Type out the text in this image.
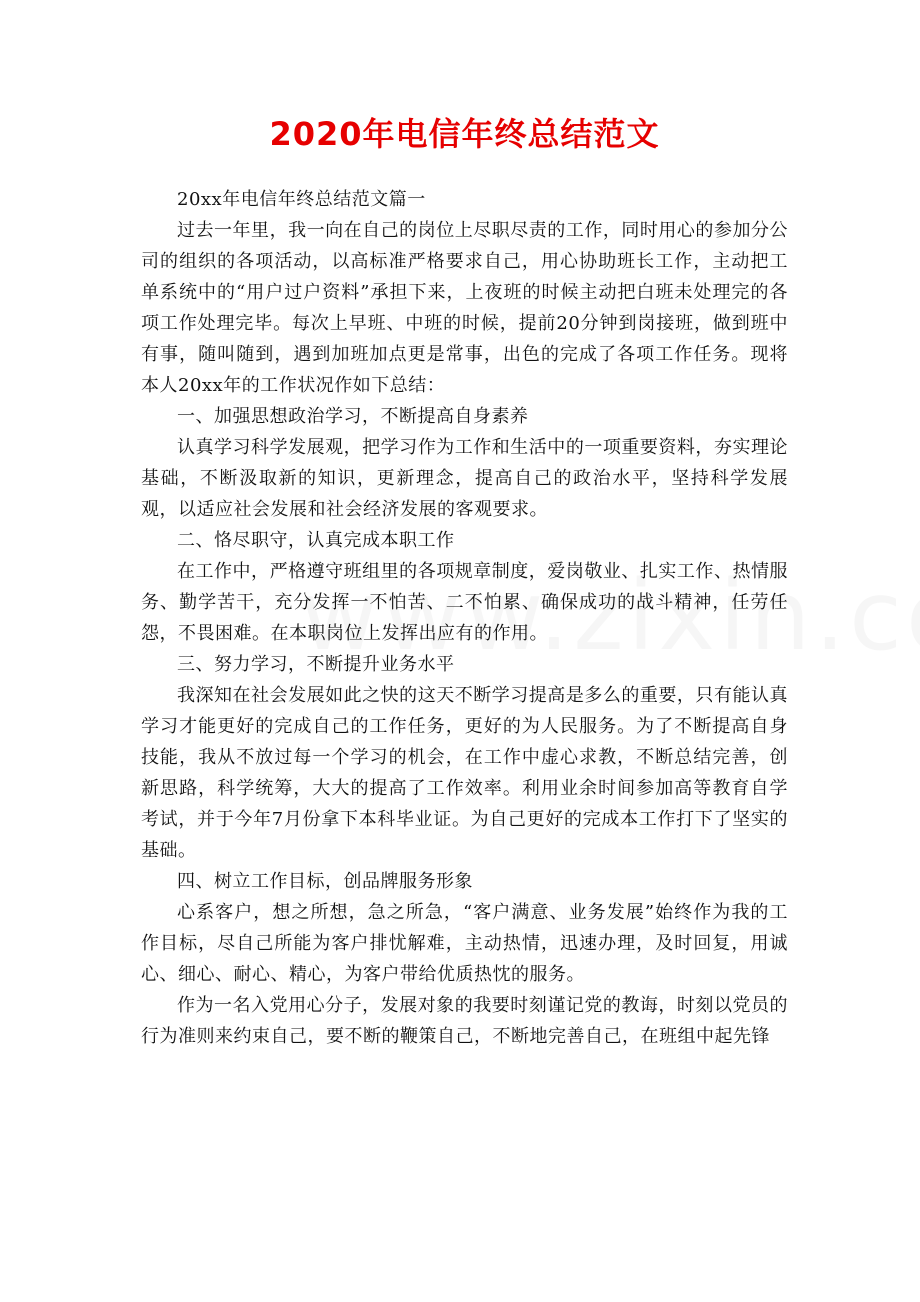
2020年电信年终总结范文

20xx年电信年终总结范文篇一

过去一年里，我一向在自己的岗位上尽职尽责的工作，同时用心的参加分公司的组织的各项活动，以高标准严格要求自己，用心协助班长工作，主动把工单系统中的“用户过户资料”承担下来，上夜班的时候主动把白班未处理完的各项工作处理完毕。每次上早班、中班的时候，提前20分钟到岗接班，做到班中有事，随叫随到，遇到加班加点更是常事，出色的完成了各项工作任务。现将本人20xx年的工作状况作如下总结：

一、加强思想政治学习，不断提高自身素养

认真学习科学发展观，把学习作为工作和生活中的一项重要资料，夯实理论基础，不断汲取新的知识，更新理念，提高自己的政治水平，坚持科学发展观，以适应社会发展和社会经济发展的客观要求。

二、恪尽职守，认真完成本职工作

在工作中，严格遵守班组里的各项规章制度，爱岗敬业、扎实工作、热情服务、勤学苦干，充分发挥一不怕苦、二不怕累、确保成功的战斗精神，任劳任怨，不畏困难。在本职岗位上发挥出应有的作用。

三、努力学习，不断提升业务水平

我深知在社会发展如此之快的这天不断学习提高是多么的重要，只有能认真学习才能更好的完成自己的工作任务，更好的为人民服务。为了不断提高自身技能，我从不放过每一个学习的机会，在工作中虚心求教，不断总结完善，创新思路，科学统筹，大大的提高了工作效率。利用业余时间参加高等教育自学考试，并于今年7月份拿下本科毕业证。为自己更好的完成本工作打下了坚实的基础。

四、树立工作目标，创品牌服务形象

心系客户，想之所想，急之所急，“客户满意、业务发展”始终作为我的工作目标，尽自己所能为客户排忧解难，主动热情，迅速办理，及时回复，用诚心、细心、耐心、精心，为客户带给优质热忱的服务。

作为一名入党用心分子，发展对象的我要时刻谨记党的教诲，时刻以党员的行为准则来约束自己，要不断的鞭策自己，不断地完善自己，在班组中起先锋
